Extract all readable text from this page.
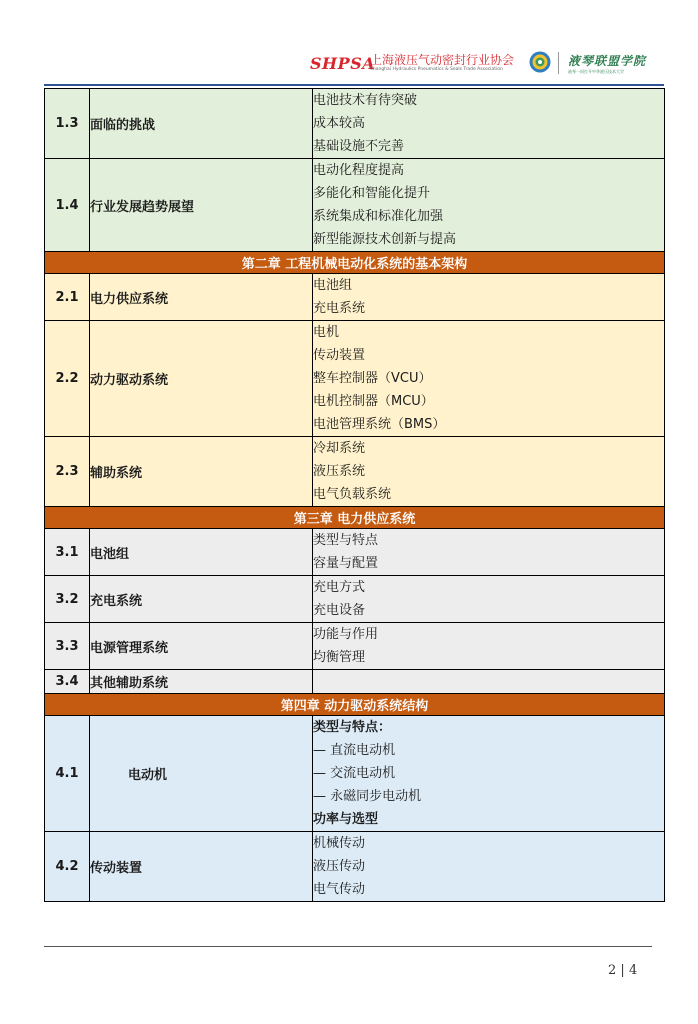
SHPSA
上海液压气动密封行业协会
Shanghai Hydraulics Pneumatics & Seals Trade Association
液琴联盟学院
液琴一同打开中华液压技术大学
1.3	面临的挑战	电池技术有待突破
成本较高
基础设施不完善

1.4	行业发展趋势展望	电动化程度提高
多能化和智能化提升
系统集成和标准化加强
新型能源技术创新与提高

第二章 工程机械电动化系统的基本架构		
2.1	电力供应系统	电池组
充电系统

2.2	动力驱动系统	电机
传动装置
整车控制器（VCU）
电机控制器（MCU）
电池管理系统（BMS）

2.3	辅助系统	冷却系统
液压系统
电气负载系统

第三章 电力供应系统		
3.1	电池组	类型与特点
容量与配置

3.2	充电系统	充电方式
充电设备

3.3	电源管理系统	功能与作用
均衡管理

3.4	其他辅助系统	

第四章 动力驱动系统结构		
4.1	电动机	类型与特点：
— 直流电动机
— 交流电动机
— 永磁同步电动机
功率与选型

4.2	传动装置	机械传动
液压传动
电气传动
2 | 4
